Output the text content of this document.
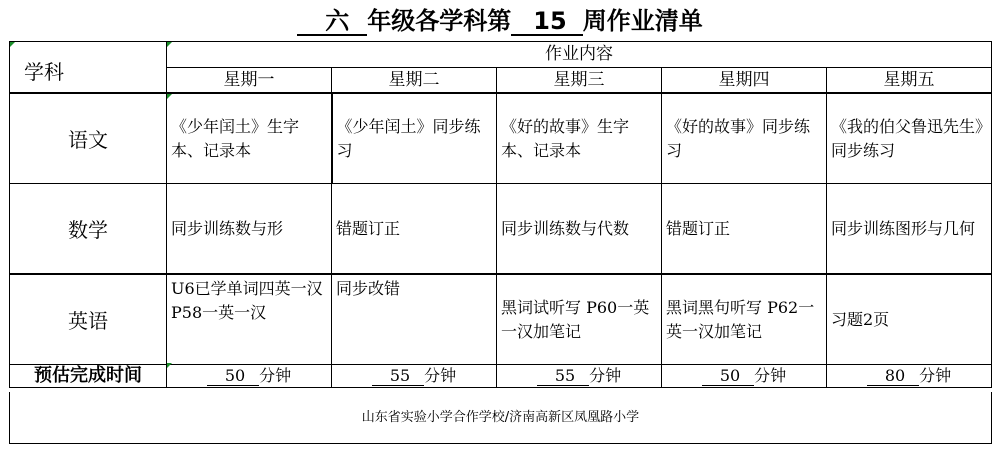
六 年级各学科第 15 周作业清单
学科	作业内容				
	星期一	星期二	星期三	星期四	星期五
语文	《少年闰土》生字本、记录本	《少年闰土》同步练习	《好的故事》生字本、记录本	《好的故事》同步练习	《我的伯父鲁迅先生》同步练习
数学	同步训练数与形	错题订正	同步训练数与代数	错题订正	同步训练图形与几何
英语	U6已学单词四英一汉 P58一英一汉	同步改错	黑词试听写 P60一英一汉加笔记	黑词黑句听写 P62一英一汉加笔记	习题2页
预估完成时间	50 分钟	55 分钟	55 分钟	50 分钟	80 分钟
山东省实验小学合作学校/济南高新区凤凰路小学
